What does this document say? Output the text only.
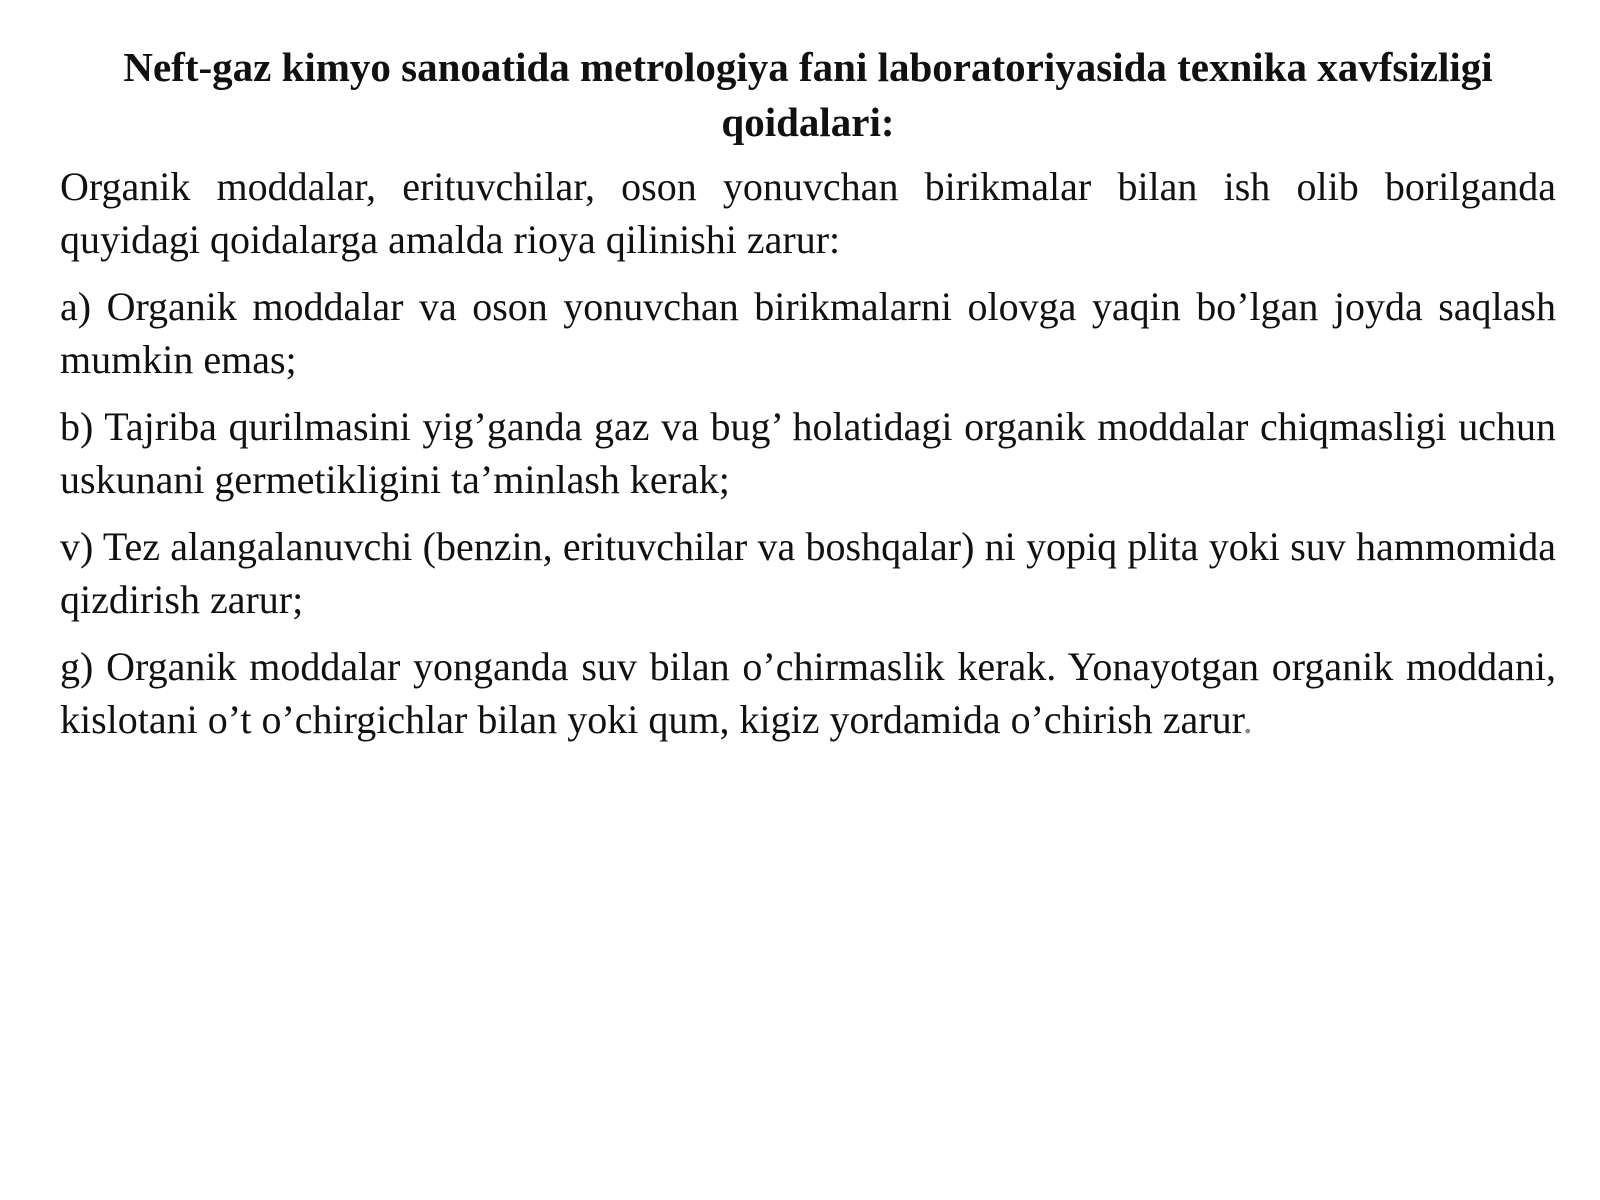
Neft-gaz kimyo sanoatida metrologiya fani laboratoriyasida texnika xavfsizligi qoidalari:

Organik moddalar, erituvchilar, oson yonuvchan birikmalar bilan ish olib borilganda quyidagi qoidalarga amalda rioya qilinishi zarur:

a) Organik moddalar va oson yonuvchan birikmalarni olovga yaqin bo’lgan joyda saqlash mumkin emas;

b) Tajriba qurilmasini yig’ganda gaz va bug’ holatidagi organik moddalar chiqmasligi uchun uskunani germetikligini ta’minlash kerak;

v) Tez alangalanuvchi (benzin, erituvchilar va boshqalar) ni yopiq plita yoki suv hammomida qizdirish zarur;

g) Organik moddalar yonganda suv bilan o’chirmaslik kerak. Yonayotgan organik moddani, kislotani o’t o’chirgichlar bilan yoki qum, kigiz yordamida o’chirish zarur.
